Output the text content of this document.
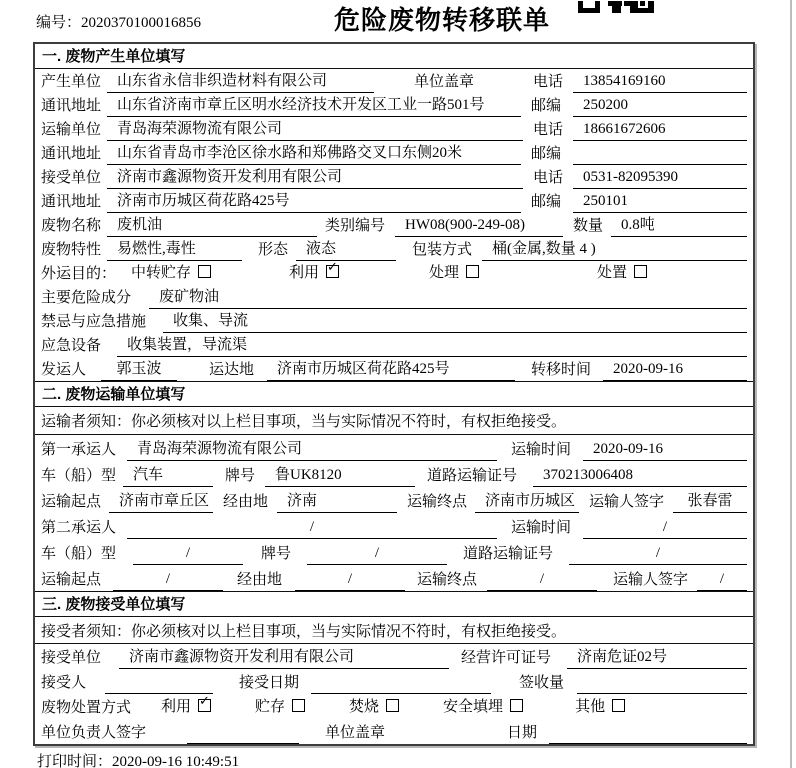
编号：2020370100016856	危险废物转移联单
一. 废物产生单位填写
产生单位	山东省永信非织造材料有限公司	单位盖章	电话	13854169160
通讯地址	山东省济南市章丘区明水经济技术开发区工业一路501号	邮编	250200
运输单位	青岛海荣源物流有限公司	电话	18661672606
通讯地址	山东省青岛市李沧区徐水路和郑佛路交叉口东侧20米	邮编
接受单位	济南市鑫源物资开发利用有限公司	电话	0531-82095390
通讯地址	济南市历城区荷花路425号	邮编	250101
废物名称	废机油	类别编号	HW08(900-249-08)	数量	0.8吨
废物特性	易燃性,毒性	形态	液态	包装方式	桶(金属,数量 4 )
外运目的： 中转贮存	利用 ✓	处理	处置
主要危险成分	废矿物油
禁忌与应急措施	收集、导流
应急设备	收集装置，导流渠
发运人	郭玉波	运达地	济南市历城区荷花路425号	转移时间	2020-09-16
二. 废物运输单位填写
运输者须知：你必须核对以上栏目事项，当与实际情况不符时，有权拒绝接受。
第一承运人	青岛海荣源物流有限公司	运输时间	2020-09-16
车（船）型	汽车	牌号	鲁UK8120	道路运输证号	370213006408
运输起点	济南市章丘区 经由地	济南	运输终点	济南市历城区 运输人签字	张春雷
第二承运人	/	运输时间	/
车（船）型	/	牌号	/	道路运输证号	/
运输起点	/	经由地	/	运输终点	/	运输人签字	/
三. 废物接受单位填写
接受者须知：你必须核对以上栏目事项，当与实际情况不符时，有权拒绝接受。
接受单位	济南市鑫源物资开发利用有限公司	经营许可证号	济南危证02号
接受人	接受日期	签收量
废物处置方式 利用 ✓	贮存	焚烧	安全填埋	其他
单位负责人签字	单位盖章	日期
打印时间：2020-09-16 10:49:51
